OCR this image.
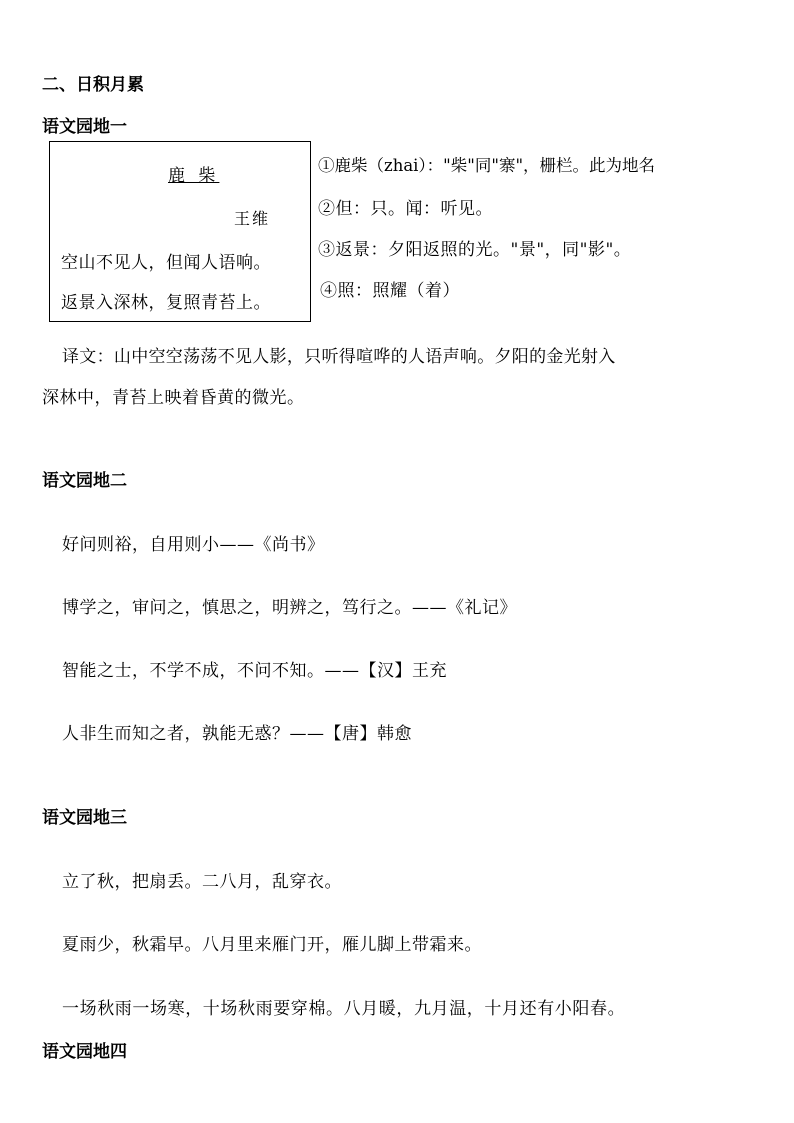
二、日积月累
语文园地一
鹿 柴
王维
空山不见人，但闻人语响。
返景入深林，复照青苔上。
①鹿柴（zhai）："柴"同"寨"，栅栏。此为地名
②但：只。闻：听见。
③返景：夕阳返照的光。"景"，同"影"。
④照：照耀（着）
译文：山中空空荡荡不见人影，只听得喧哗的人语声响。夕阳的金光射入
深林中，青苔上映着昏黄的微光。
语文园地二
好问则裕，自用则小——《尚书》
博学之，审问之，慎思之，明辨之，笃行之。——《礼记》
智能之士，不学不成，不问不知。——【汉】王充
人非生而知之者，孰能无惑？——【唐】韩愈
语文园地三
立了秋，把扇丢。二八月，乱穿衣。
夏雨少，秋霜早。八月里来雁门开，雁儿脚上带霜来。
一场秋雨一场寒，十场秋雨要穿棉。八月暖，九月温，十月还有小阳春。
语文园地四
